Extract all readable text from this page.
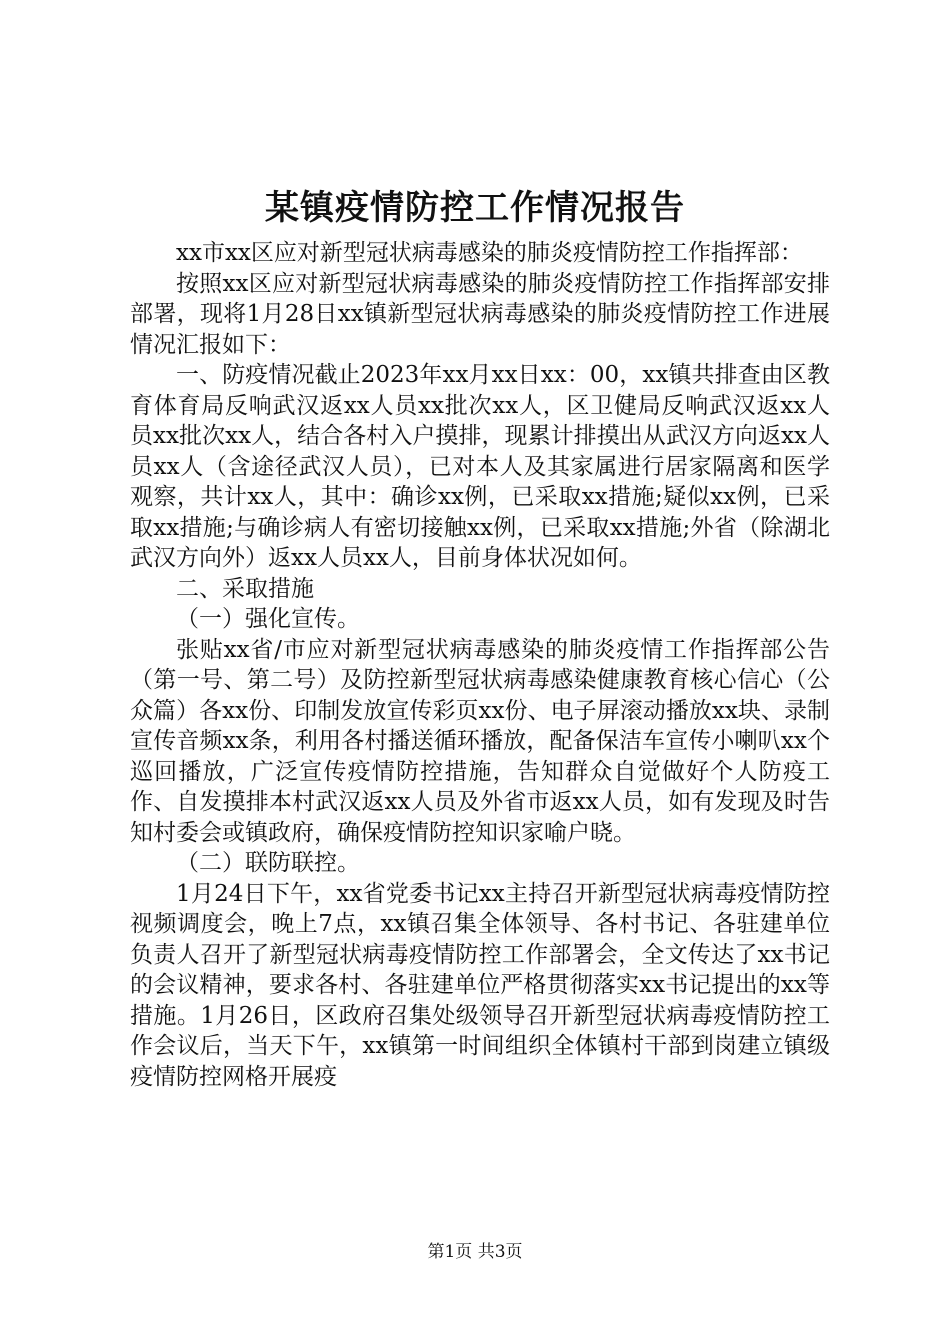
某镇疫情防控工作情况报告

xx市xx区应对新型冠状病毒感染的肺炎疫情防控工作指挥部：

按照xx区应对新型冠状病毒感染的肺炎疫情防控工作指挥部安排部署，现将1月28日xx镇新型冠状病毒感染的肺炎疫情防控工作进展情况汇报如下：

一、防疫情况截止2023年xx月xx日xx：00，xx镇共排查由区教育体育局反响武汉返xx人员xx批次xx人，区卫健局反响武汉返xx人员xx批次xx人，结合各村入户摸排，现累计排摸出从武汉方向返xx人员xx人（含途径武汉人员），已对本人及其家属进行居家隔离和医学观察，共计xx人，其中：确诊xx例，已采取xx措施;疑似xx例，已采取xx措施;与确诊病人有密切接触xx例，已采取xx措施;外省（除湖北武汉方向外）返xx人员xx人，目前身体状况如何。

二、采取措施

（一）强化宣传。

张贴xx省/市应对新型冠状病毒感染的肺炎疫情工作指挥部公告（第一号、第二号）及防控新型冠状病毒感染健康教育核心信心（公众篇）各xx份、印制发放宣传彩页xx份、电子屏滚动播放xx块、录制宣传音频xx条，利用各村播送循环播放，配备保洁车宣传小喇叭xx个巡回播放，广泛宣传疫情防控措施，告知群众自觉做好个人防疫工作、自发摸排本村武汉返xx人员及外省市返xx人员，如有发现及时告知村委会或镇政府，确保疫情防控知识家喻户晓。

（二）联防联控。

1月24日下午，xx省党委书记xx主持召开新型冠状病毒疫情防控视频调度会，晚上7点，xx镇召集全体领导、各村书记、各驻建单位负责人召开了新型冠状病毒疫情防控工作部署会，全文传达了xx书记的会议精神，要求各村、各驻建单位严格贯彻落实xx书记提出的xx等措施。1月26日，区政府召集处级领导召开新型冠状病毒疫情防控工作会议后，当天下午，xx镇第一时间组织全体镇村干部到岗建立镇级疫情防控网格开展疫

第1页 共3页
